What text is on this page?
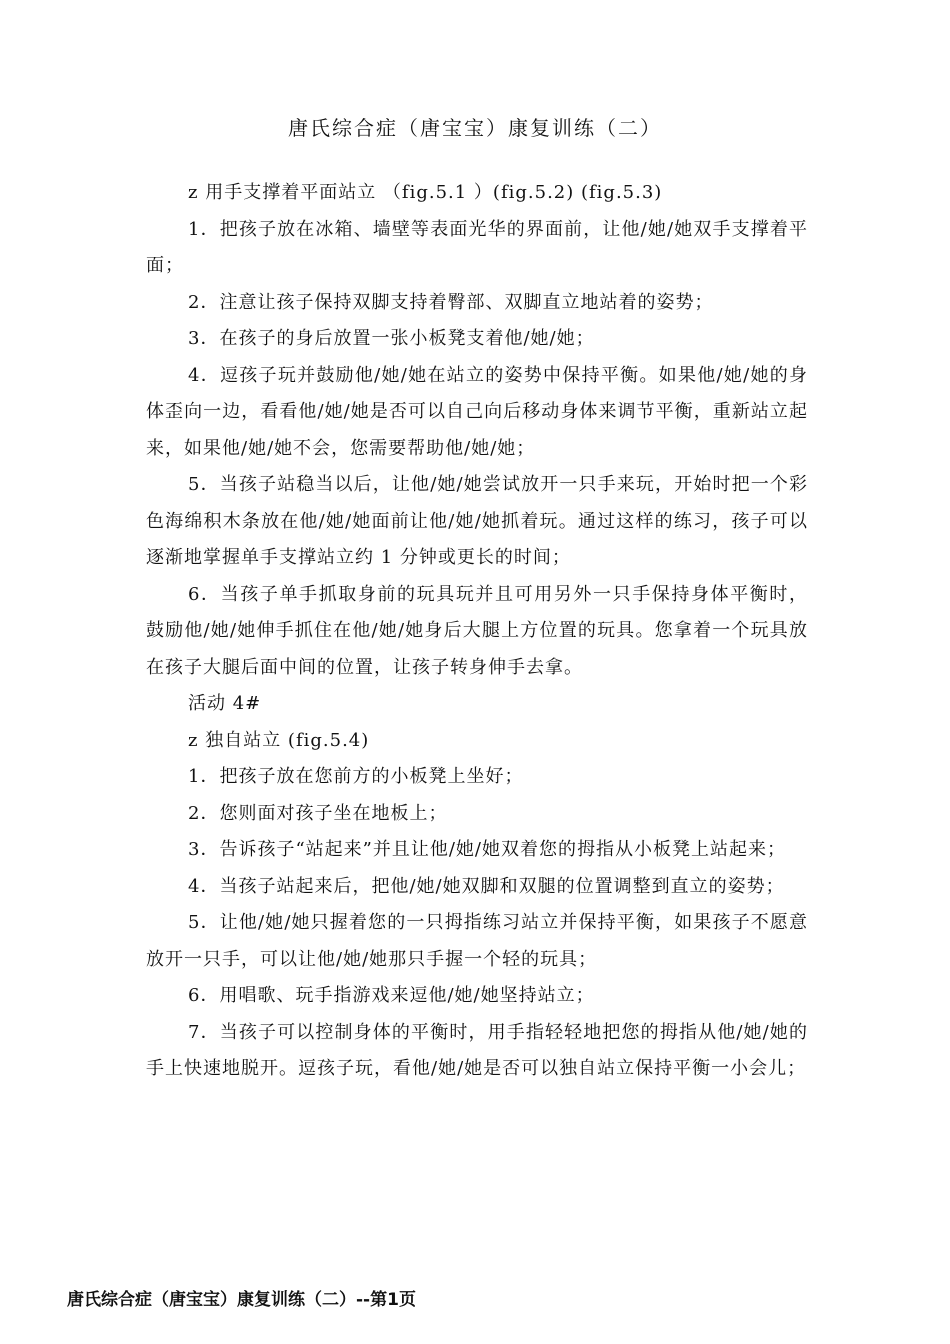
唐氏综合症（唐宝宝）康复训练（二）

z 用手支撑着平面站立 （fig.5.1 ）(fig.5.2) (fig.5.3)

1．把孩子放在冰箱、墙壁等表面光华的界面前，让他/她/她双手支撑着平面；

2．注意让孩子保持双脚支持着臀部、双脚直立地站着的姿势；

3．在孩子的身后放置一张小板凳支着他/她/她；

4．逗孩子玩并鼓励他/她/她在站立的姿势中保持平衡。如果他/她/她的身体歪向一边，看看他/她/她是否可以自己向后移动身体来调节平衡，重新站立起来，如果他/她/她不会，您需要帮助他/她/她；

5．当孩子站稳当以后，让他/她/她尝试放开一只手来玩，开始时把一个彩色海绵积木条放在他/她/她面前让他/她/她抓着玩。通过这样的练习，孩子可以逐渐地掌握单手支撑站立约 1 分钟或更长的时间；

6．当孩子单手抓取身前的玩具玩并且可用另外一只手保持身体平衡时，鼓励他/她/她伸手抓住在他/她/她身后大腿上方位置的玩具。您拿着一个玩具放在孩子大腿后面中间的位置，让孩子转身伸手去拿。

活动 4#

z 独自站立 (fig.5.4)

1．把孩子放在您前方的小板凳上坐好；

2．您则面对孩子坐在地板上；

3．告诉孩子“站起来”并且让他/她/她双着您的拇指从小板凳上站起来；

4．当孩子站起来后，把他/她/她双脚和双腿的位置调整到直立的姿势；

5．让他/她/她只握着您的一只拇指练习站立并保持平衡，如果孩子不愿意放开一只手，可以让他/她/她那只手握一个轻的玩具；

6．用唱歌、玩手指游戏来逗他/她/她坚持站立；

7．当孩子可以控制身体的平衡时，用手指轻轻地把您的拇指从他/她/她的手上快速地脱开。逗孩子玩，看他/她/她是否可以独自站立保持平衡一小会儿；

唐氏综合症（唐宝宝）康复训练（二）--第1页
